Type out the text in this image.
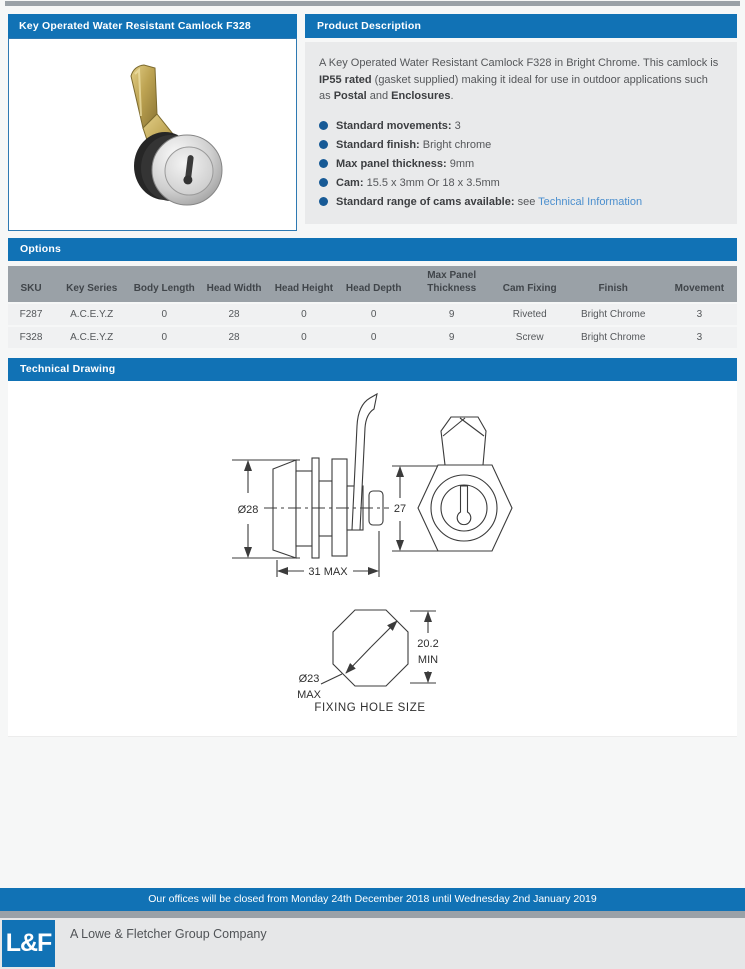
Key Operated Water Resistant Camlock F328	Product Description

A Key Operated Water Resistant Camlock F328 in Bright Chrome. This camlock is IP55 rated (gasket supplied) making it ideal for use in outdoor applications such as Postal and Enclosures.

Standard movements: 3
Standard finish: Bright chrome
Max panel thickness: 9mm
Cam: 15.5 x 3mm Or 18 x 3.5mm
Standard range of cams available: see Technical Information
Options
SKU	Key Series	Body Length	Head Width	Head Height	Head Depth	Max Panel Thickness	Cam Fixing	Finish	Movement
F287	A.C.E.Y.Z	0	28	0	0	9	Riveted	Bright Chrome	3
F328	A.C.E.Y.Z	0	28	0	0	9	Screw	Bright Chrome	3
Technical Drawing
Ø28
31 MAX
27
20.2
MIN
Ø23
MAX
FIXING HOLE SIZE
Our offices will be closed from Monday 24th December 2018 until Wednesday 2nd January 2019
L&F A Lowe & Fletcher Group Company
